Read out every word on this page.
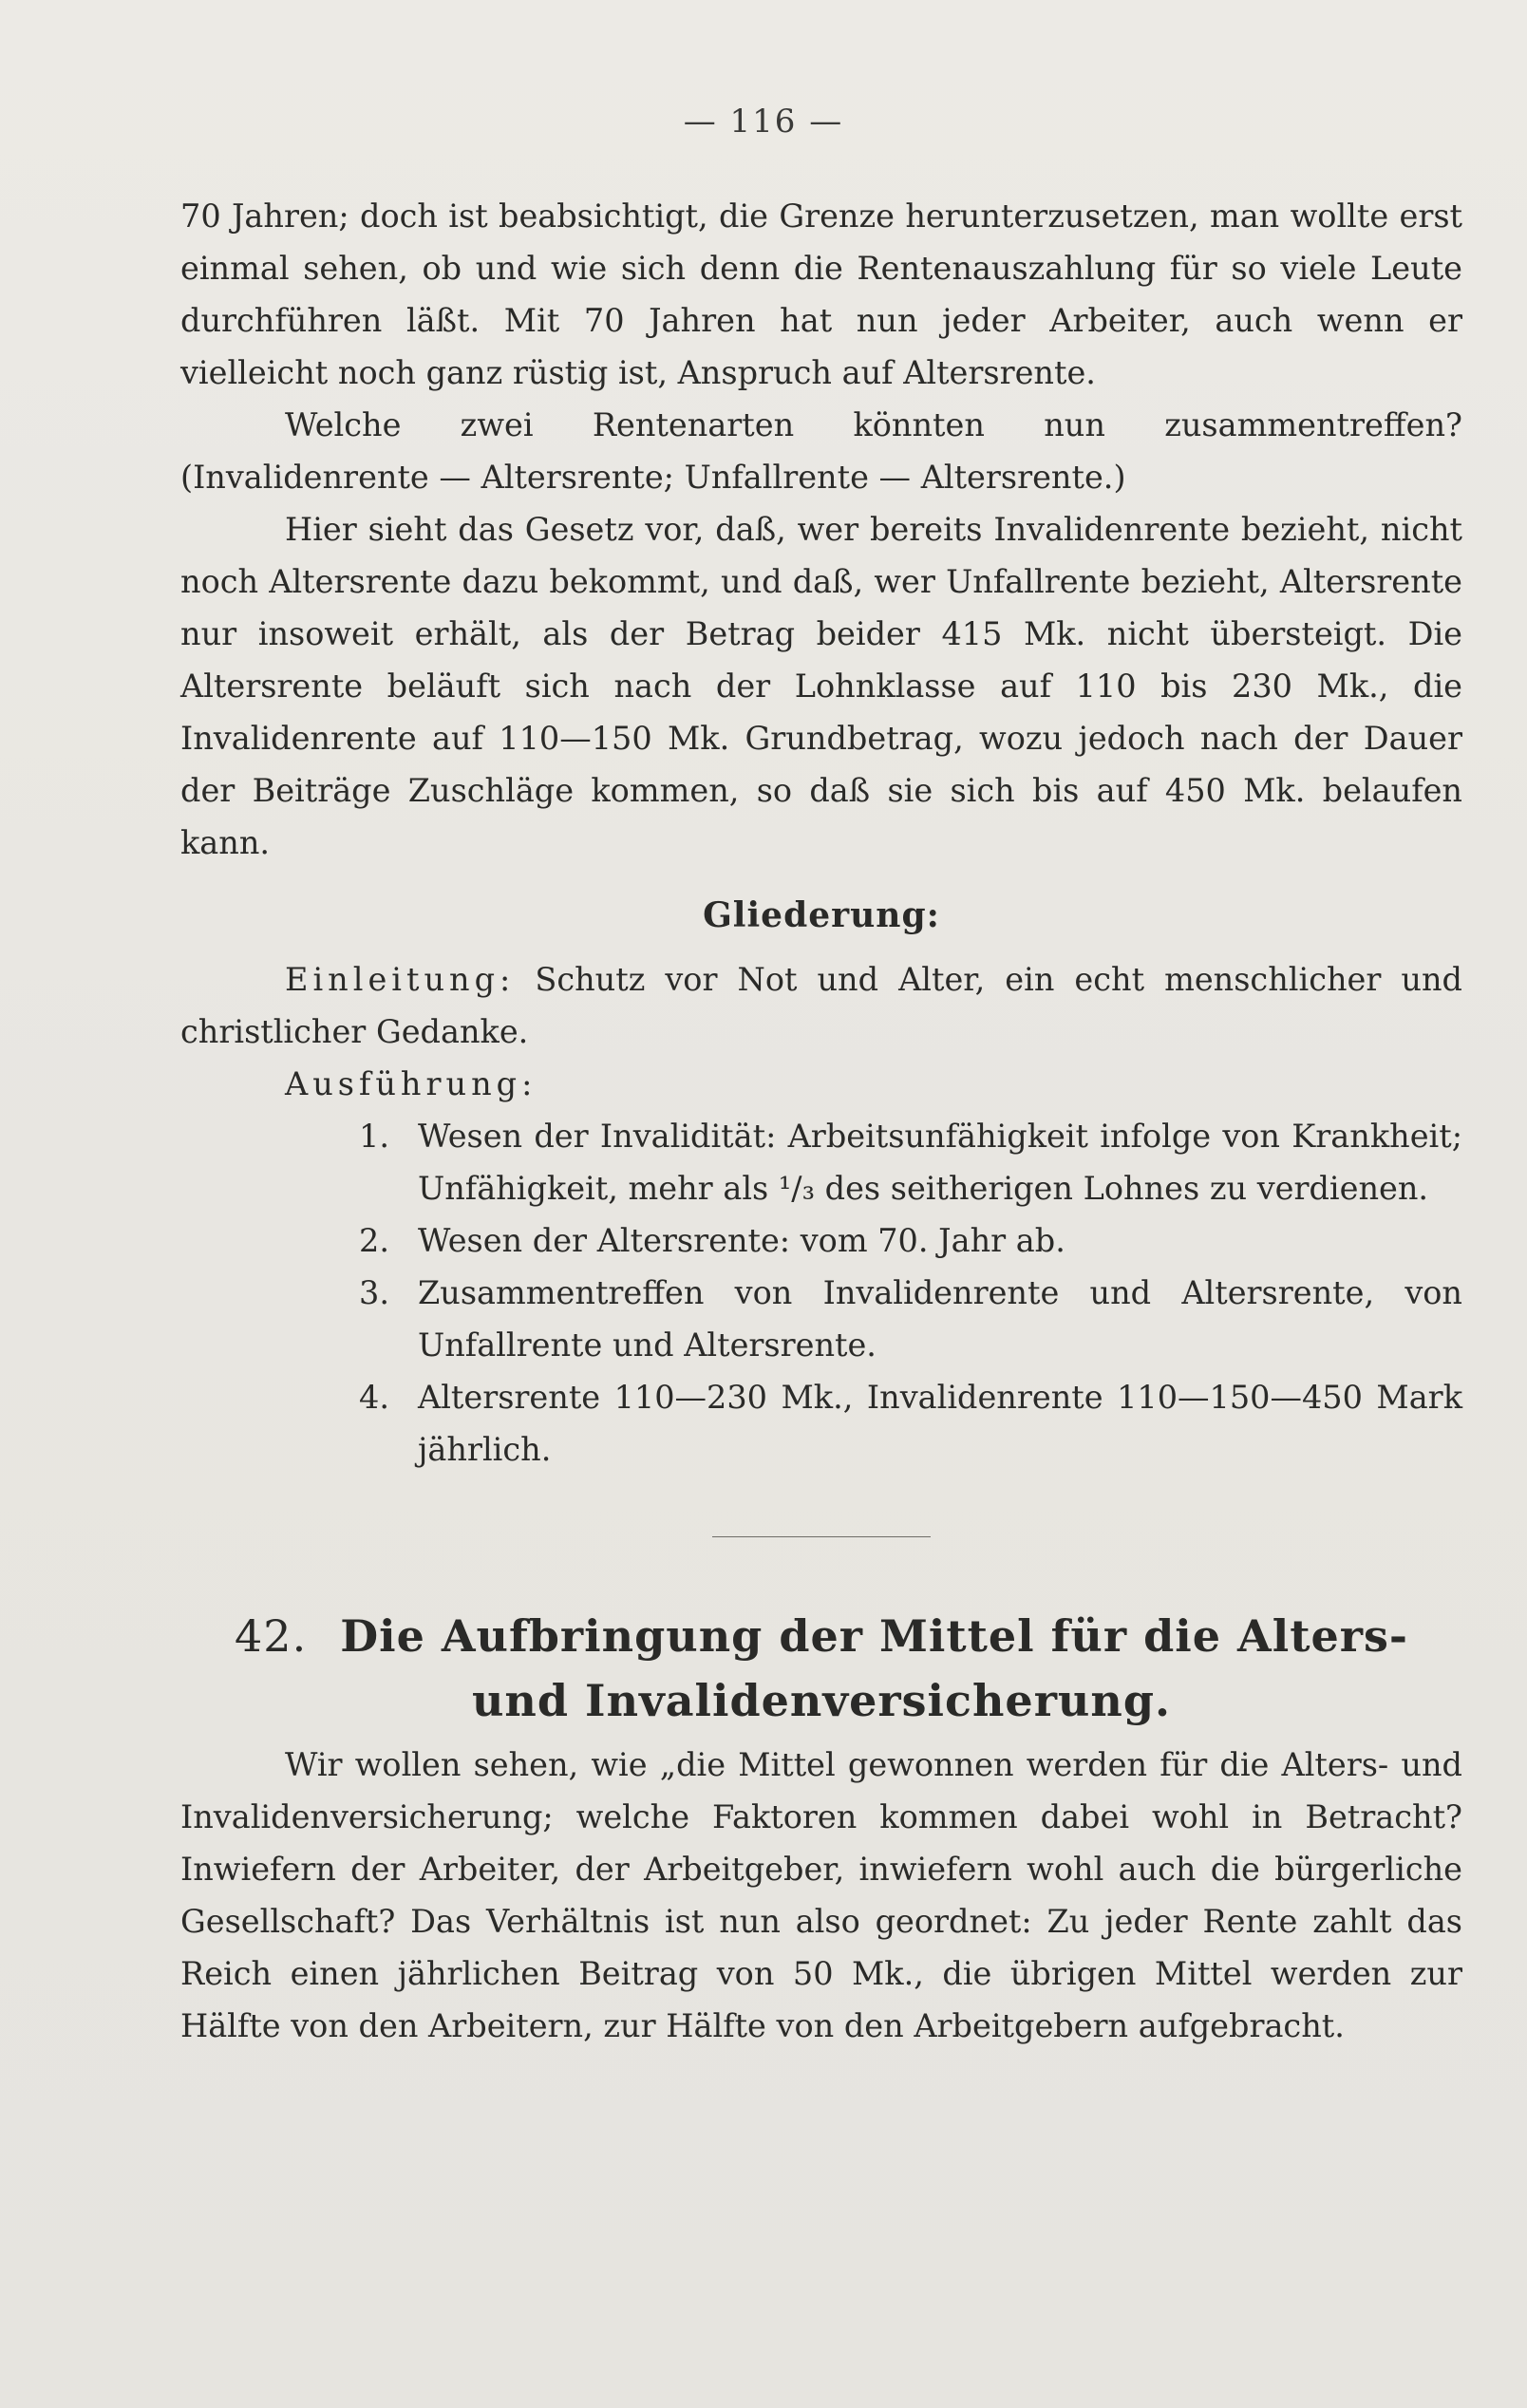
— 116 —

70 Jahren; doch ist beabsichtigt, die Grenze herunterzusetzen, man wollte erst einmal sehen, ob und wie sich denn die Rentenauszahlung für so viele Leute durchführen läßt. Mit 70 Jahren hat nun jeder Arbeiter, auch wenn er vielleicht noch ganz rüstig ist, Anspruch auf Altersrente.

Welche zwei Rentenarten könnten nun zusammentreffen? (Invalidenrente — Altersrente; Unfallrente — Altersrente.)

Hier sieht das Gesetz vor, daß, wer bereits Invalidenrente bezieht, nicht noch Altersrente dazu bekommt, und daß, wer Unfallrente bezieht, Altersrente nur insoweit erhält, als der Betrag beider 415 Mk. nicht übersteigt. Die Altersrente beläuft sich nach der Lohnklasse auf 110 bis 230 Mk., die Invalidenrente auf 110—150 Mk. Grundbetrag, wozu jedoch nach der Dauer der Beiträge Zuschläge kommen, so daß sie sich bis auf 450 Mk. belaufen kann.

Gliederung:

Einleitung: Schutz vor Not und Alter, ein echt menschlicher und christlicher Gedanke.

Ausführung:

1. Wesen der Invalidität: Arbeitsunfähigkeit infolge von Krankheit; Unfähigkeit, mehr als ¹/₃ des seitherigen Lohnes zu verdienen.
2. Wesen der Altersrente: vom 70. Jahr ab.
3. Zusammentreffen von Invalidenrente und Altersrente, von Unfallrente und Altersrente.
4. Altersrente 110—230 Mk., Invalidenrente 110—150—450 Mark jährlich.
42. Die Aufbringung der Mittel für die Alters- und Invalidenversicherung.

Wir wollen sehen, wie „die Mittel gewonnen werden für die Alters- und Invalidenversicherung; welche Faktoren kommen dabei wohl in Betracht? Inwiefern der Arbeiter, der Arbeitgeber, inwiefern wohl auch die bürgerliche Gesellschaft? Das Verhältnis ist nun also geordnet: Zu jeder Rente zahlt das Reich einen jährlichen Beitrag von 50 Mk., die übrigen Mittel werden zur Hälfte von den Arbeitern, zur Hälfte von den Arbeitgebern aufgebracht.
